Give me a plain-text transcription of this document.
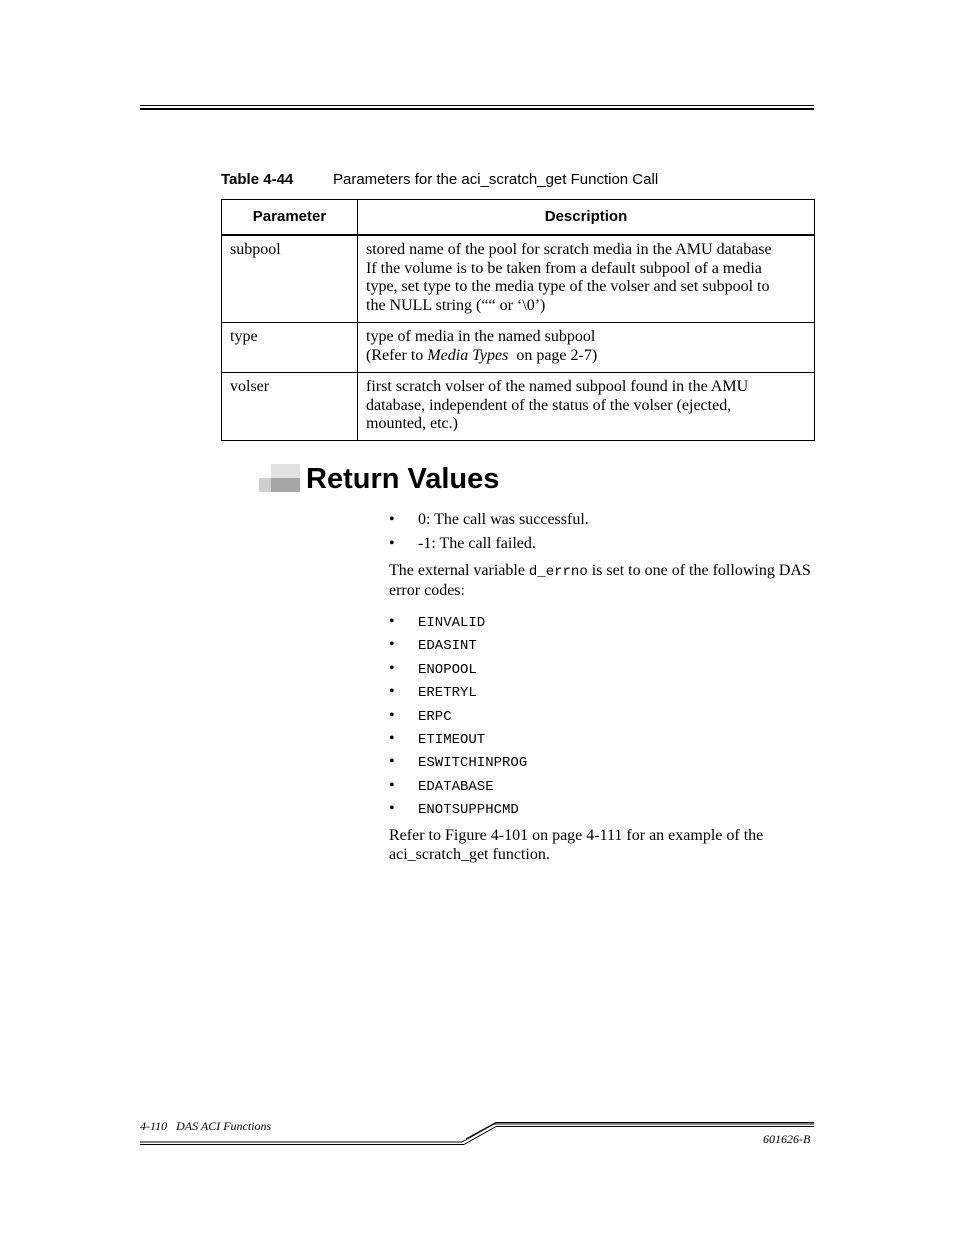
Table 4-44	Parameters for the aci_scratch_get Function Call
Parameter	Description
subpool	stored name of the pool for scratch media in the AMU database
If the volume is to be taken from a default subpool of a media
type, set type to the media type of the volser and set subpool to
the NULL string (““ or ‘\0’)

type	type of media in the named subpool
(Refer to Media Types  on page 2-7)

volser	first scratch volser of the named subpool found in the AMU
database, independent of the status of the volser (ejected,
mounted, etc.)
Return Values
• 0: The call was successful.
• -1: The call failed.
The external variable d_errno is set to one of the following DAS error codes:
• EINVALID
• EDASINT
• ENOPOOL
• ERETRYL
• ERPC
• ETIMEOUT
• ESWITCHINPROG
• EDATABASE
• ENOTSUPPHCMD
Refer to Figure 4-101 on page 4-111 for an example of the aci_scratch_get function.
4-110   DAS ACI Functions
601626-B
